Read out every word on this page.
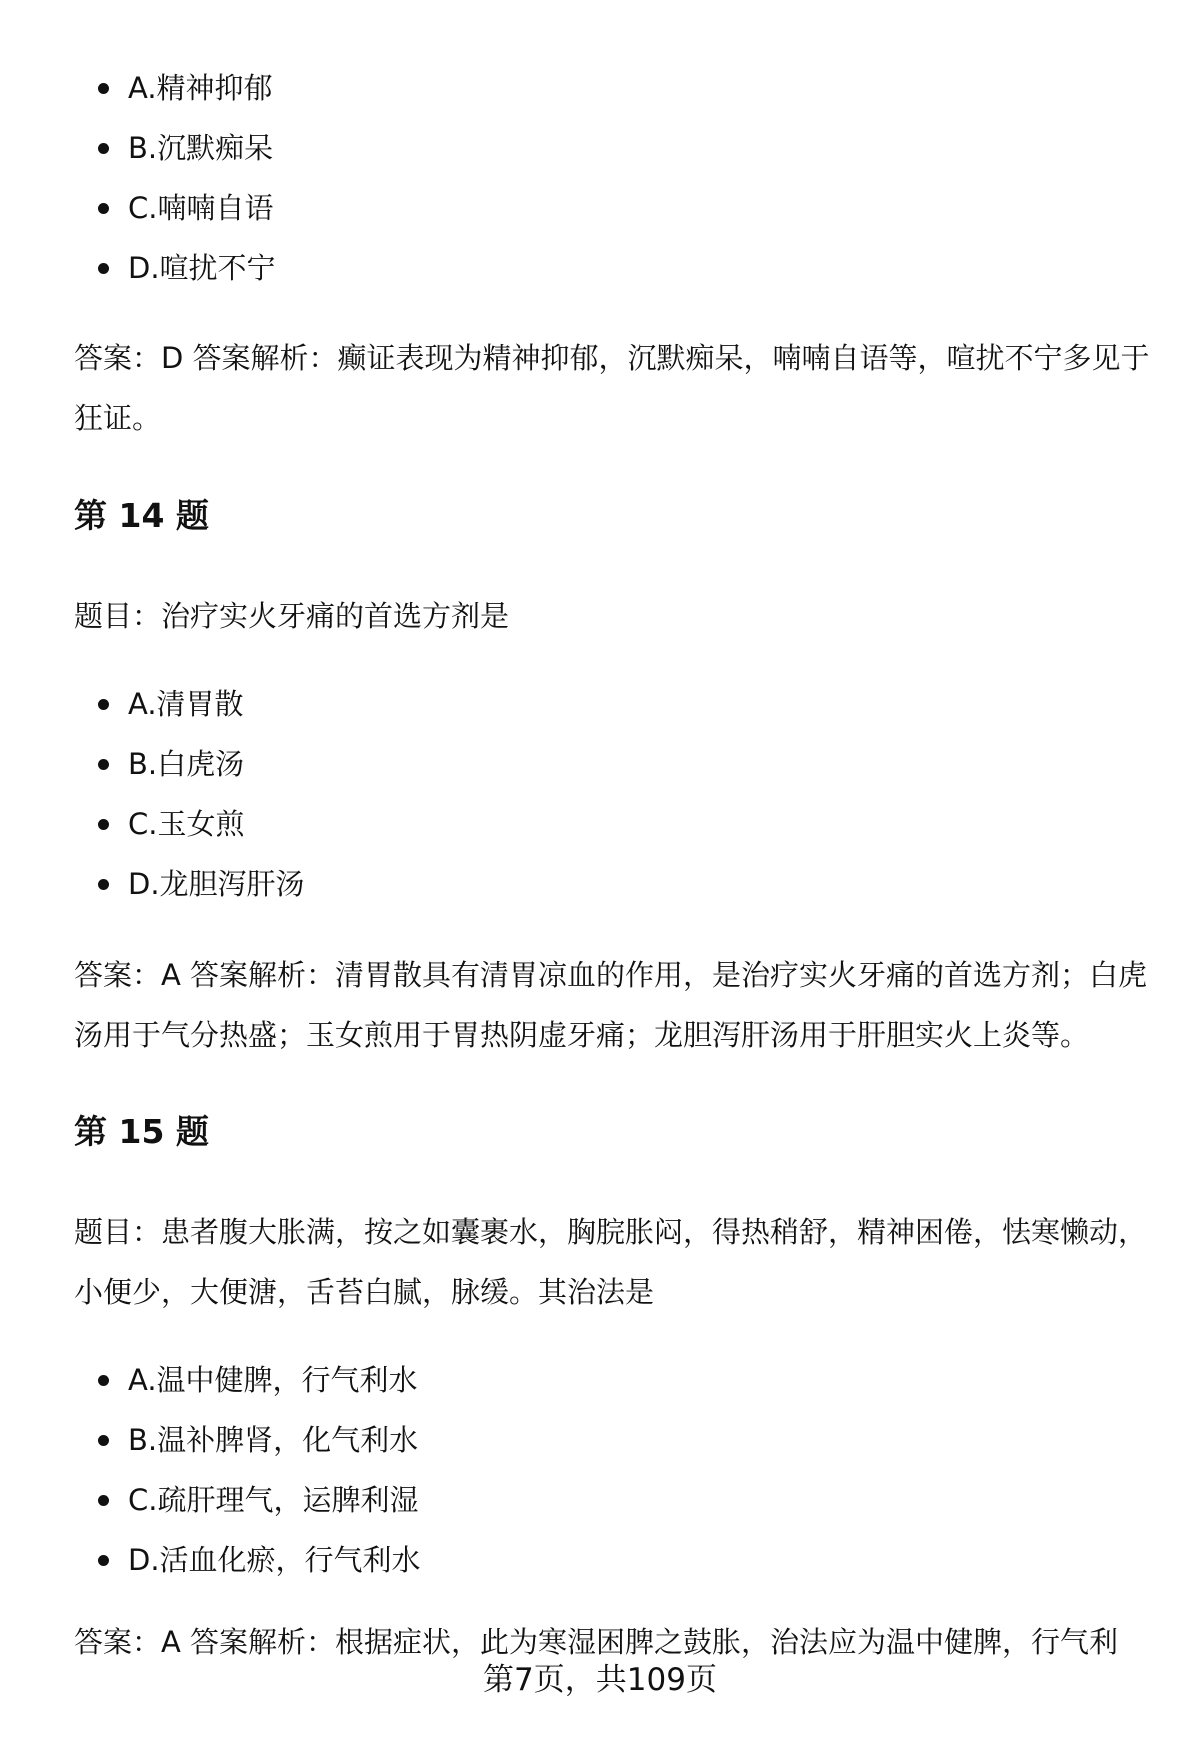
A.精神抑郁
B.沉默痴呆
C.喃喃自语
D.喧扰不宁

答案：D 答案解析：癫证表现为精神抑郁，沉默痴呆，喃喃自语等，喧扰不宁多见于狂证。

第 14 题

题目：治疗实火牙痛的首选方剂是

A.清胃散
B.白虎汤
C.玉女煎
D.龙胆泻肝汤

答案：A 答案解析：清胃散具有清胃凉血的作用，是治疗实火牙痛的首选方剂；白虎汤用于气分热盛；玉女煎用于胃热阴虚牙痛；龙胆泻肝汤用于肝胆实火上炎等。

第 15 题

题目：患者腹大胀满，按之如囊裹水，胸脘胀闷，得热稍舒，精神困倦，怯寒懒动，小便少，大便溏，舌苔白腻，脉缓。其治法是

A.温中健脾，行气利水
B.温补脾肾，化气利水
C.疏肝理气，运脾利湿
D.活血化瘀，行气利水

答案：A 答案解析：根据症状，此为寒湿困脾之鼓胀，治法应为温中健脾，行气利

第7页，共109页
